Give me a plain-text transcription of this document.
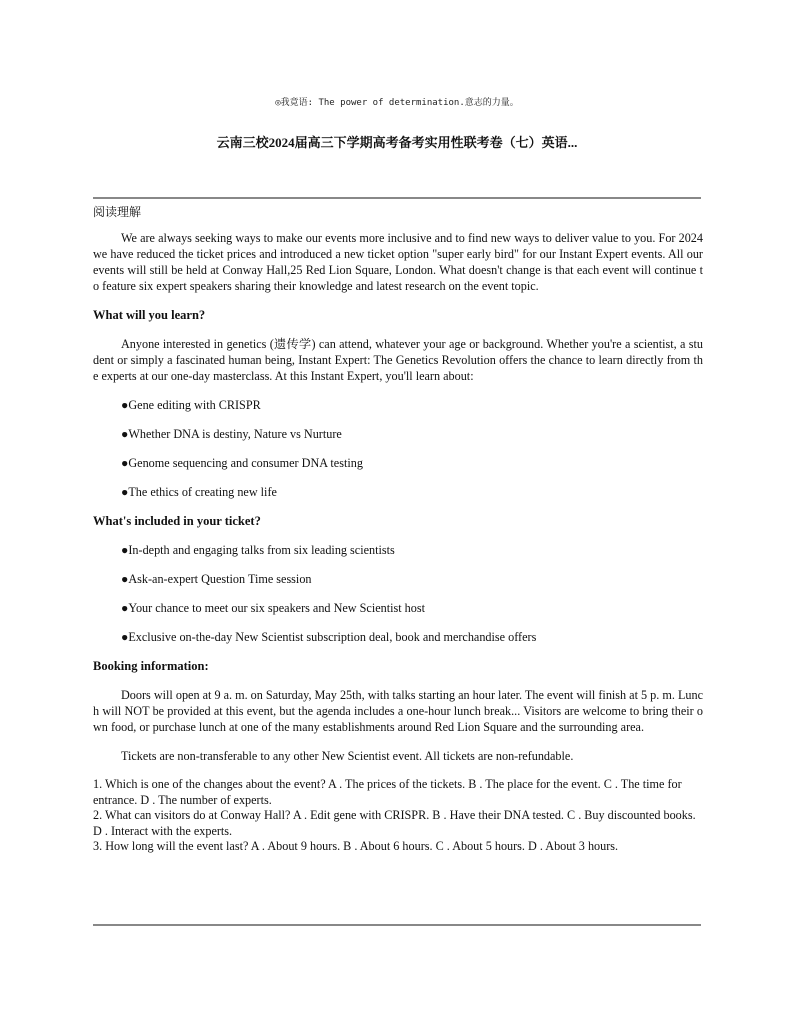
◎我竟语: The power of determination.意志的力量。
云南三校2024届高三下学期高考备考实用性联考卷（七）英语...
阅读理解

We are always seeking ways to make our events more inclusive and to find new ways to deliver value to you. For 2024 we have reduced the ticket prices and introduced a new ticket option "super early bird" for our Instant Expert events. All our events will still be held at Conway Hall,25 Red Lion Square, London. What doesn't change is that each event will continue to feature six expert speakers sharing their knowledge and latest research on the event topic.

What will you learn?

Anyone interested in genetics (遗传学) can attend, whatever your age or background. Whether you're a scientist, a student or simply a fascinated human being, Instant Expert: The Genetics Revolution offers the chance to learn directly from the experts at our one-day masterclass. At this Instant Expert, you'll learn about:

●Gene editing with CRISPR
●Whether DNA is destiny, Nature vs Nurture
●Genome sequencing and consumer DNA testing
●The ethics of creating new life
What's included in your ticket?
●In-depth and engaging talks from six leading scientists
●Ask-an-expert Question Time session
●Your chance to meet our six speakers and New Scientist host
●Exclusive on-the-day New Scientist subscription deal, book and merchandise offers
Booking information:

Doors will open at 9 a. m. on Saturday, May 25th, with talks starting an hour later. The event will finish at 5 p. m. Lunch will NOT be provided at this event, but the agenda includes a one-hour lunch break... Visitors are welcome to bring their own food, or purchase lunch at one of the many establishments around Red Lion Square and the surrounding area.

Tickets are non-transferable to any other New Scientist event. All tickets are non-refundable.

1. Which is one of the changes about the event? A . The prices of the tickets. B . The place for the event. C . The time for entrance. D . The number of experts.
2. What can visitors do at Conway Hall? A . Edit gene with CRISPR. B . Have their DNA tested. C . Buy discounted books. D . Interact with the experts.
3. How long will the event last? A . About 9 hours. B . About 6 hours. C . About 5 hours. D . About 3 hours.
